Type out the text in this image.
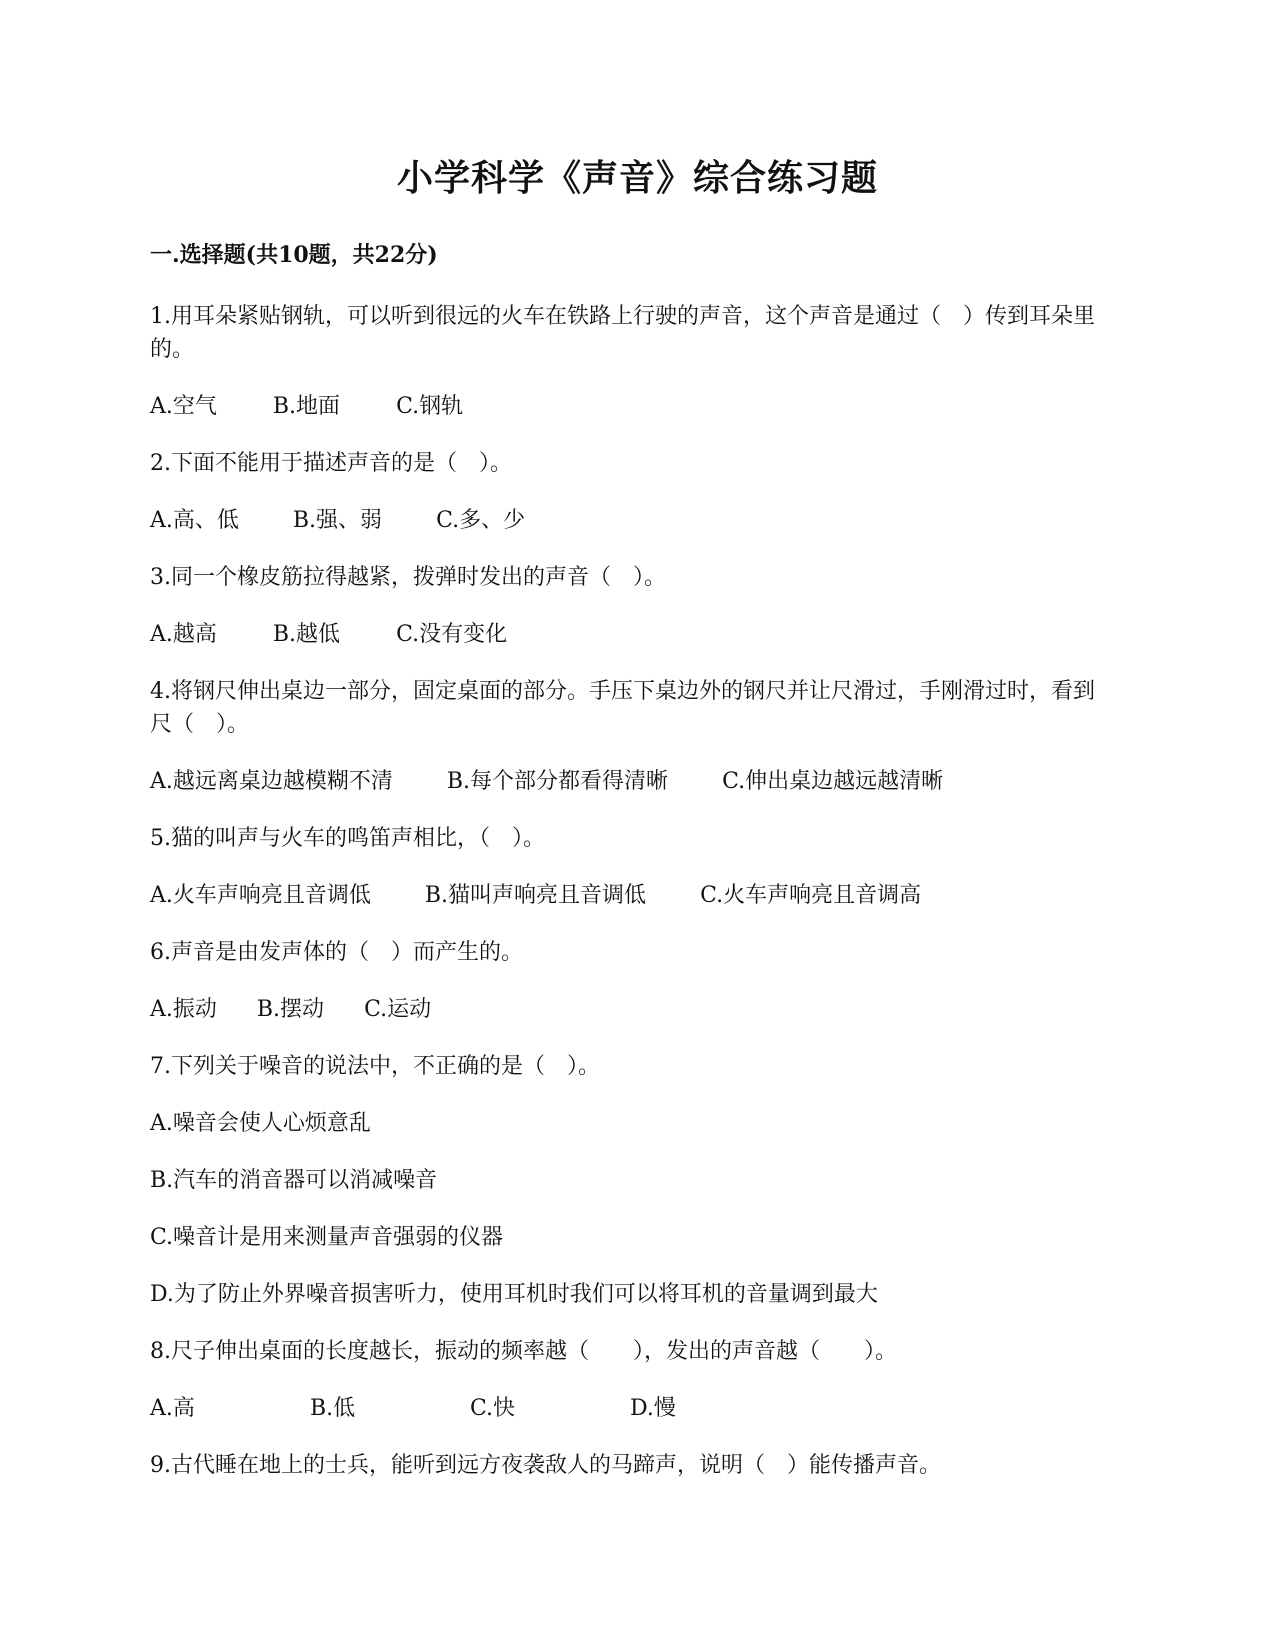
小学科学《声音》综合练习题
一.选择题(共10题，共22分)

1.用耳朵紧贴钢轨，可以听到很远的火车在铁路上行驶的声音，这个声音是通过（　）传到耳朵里的。

A.空气	B.地面	C.钢轨

2.下面不能用于描述声音的是（　）。

A.高、低 B.强、弱 C.多、少

3.同一个橡皮筋拉得越紧，拨弹时发出的声音（　）。

A.越高	B.越低	C.没有变化

4.将钢尺伸出桌边一部分，固定桌面的部分。手压下桌边外的钢尺并让尺滑过，手刚滑过时，看到尺（　）。

A.越远离桌边越模糊不清 B.每个部分都看得清晰 C.伸出桌边越远越清晰

5.猫的叫声与火车的鸣笛声相比，（　）。

A.火车声响亮且音调低 B.猫叫声响亮且音调低 C.火车声响亮且音调高

6.声音是由发声体的（　）而产生的。

A.振动 B.摆动 C.运动

7.下列关于噪音的说法中，不正确的是（　）。

A.噪音会使人心烦意乱
B.汽车的消音器可以消减噪音
C.噪音计是用来测量声音强弱的仪器
D.为了防止外界噪音损害听力，使用耳机时我们可以将耳机的音量调到最大

8.尺子伸出桌面的长度越长，振动的频率越（　　），发出的声音越（　　）。

A.高	B.低	C.快	D.慢

9.古代睡在地上的士兵，能听到远方夜袭敌人的马蹄声，说明（　）能传播声音。
